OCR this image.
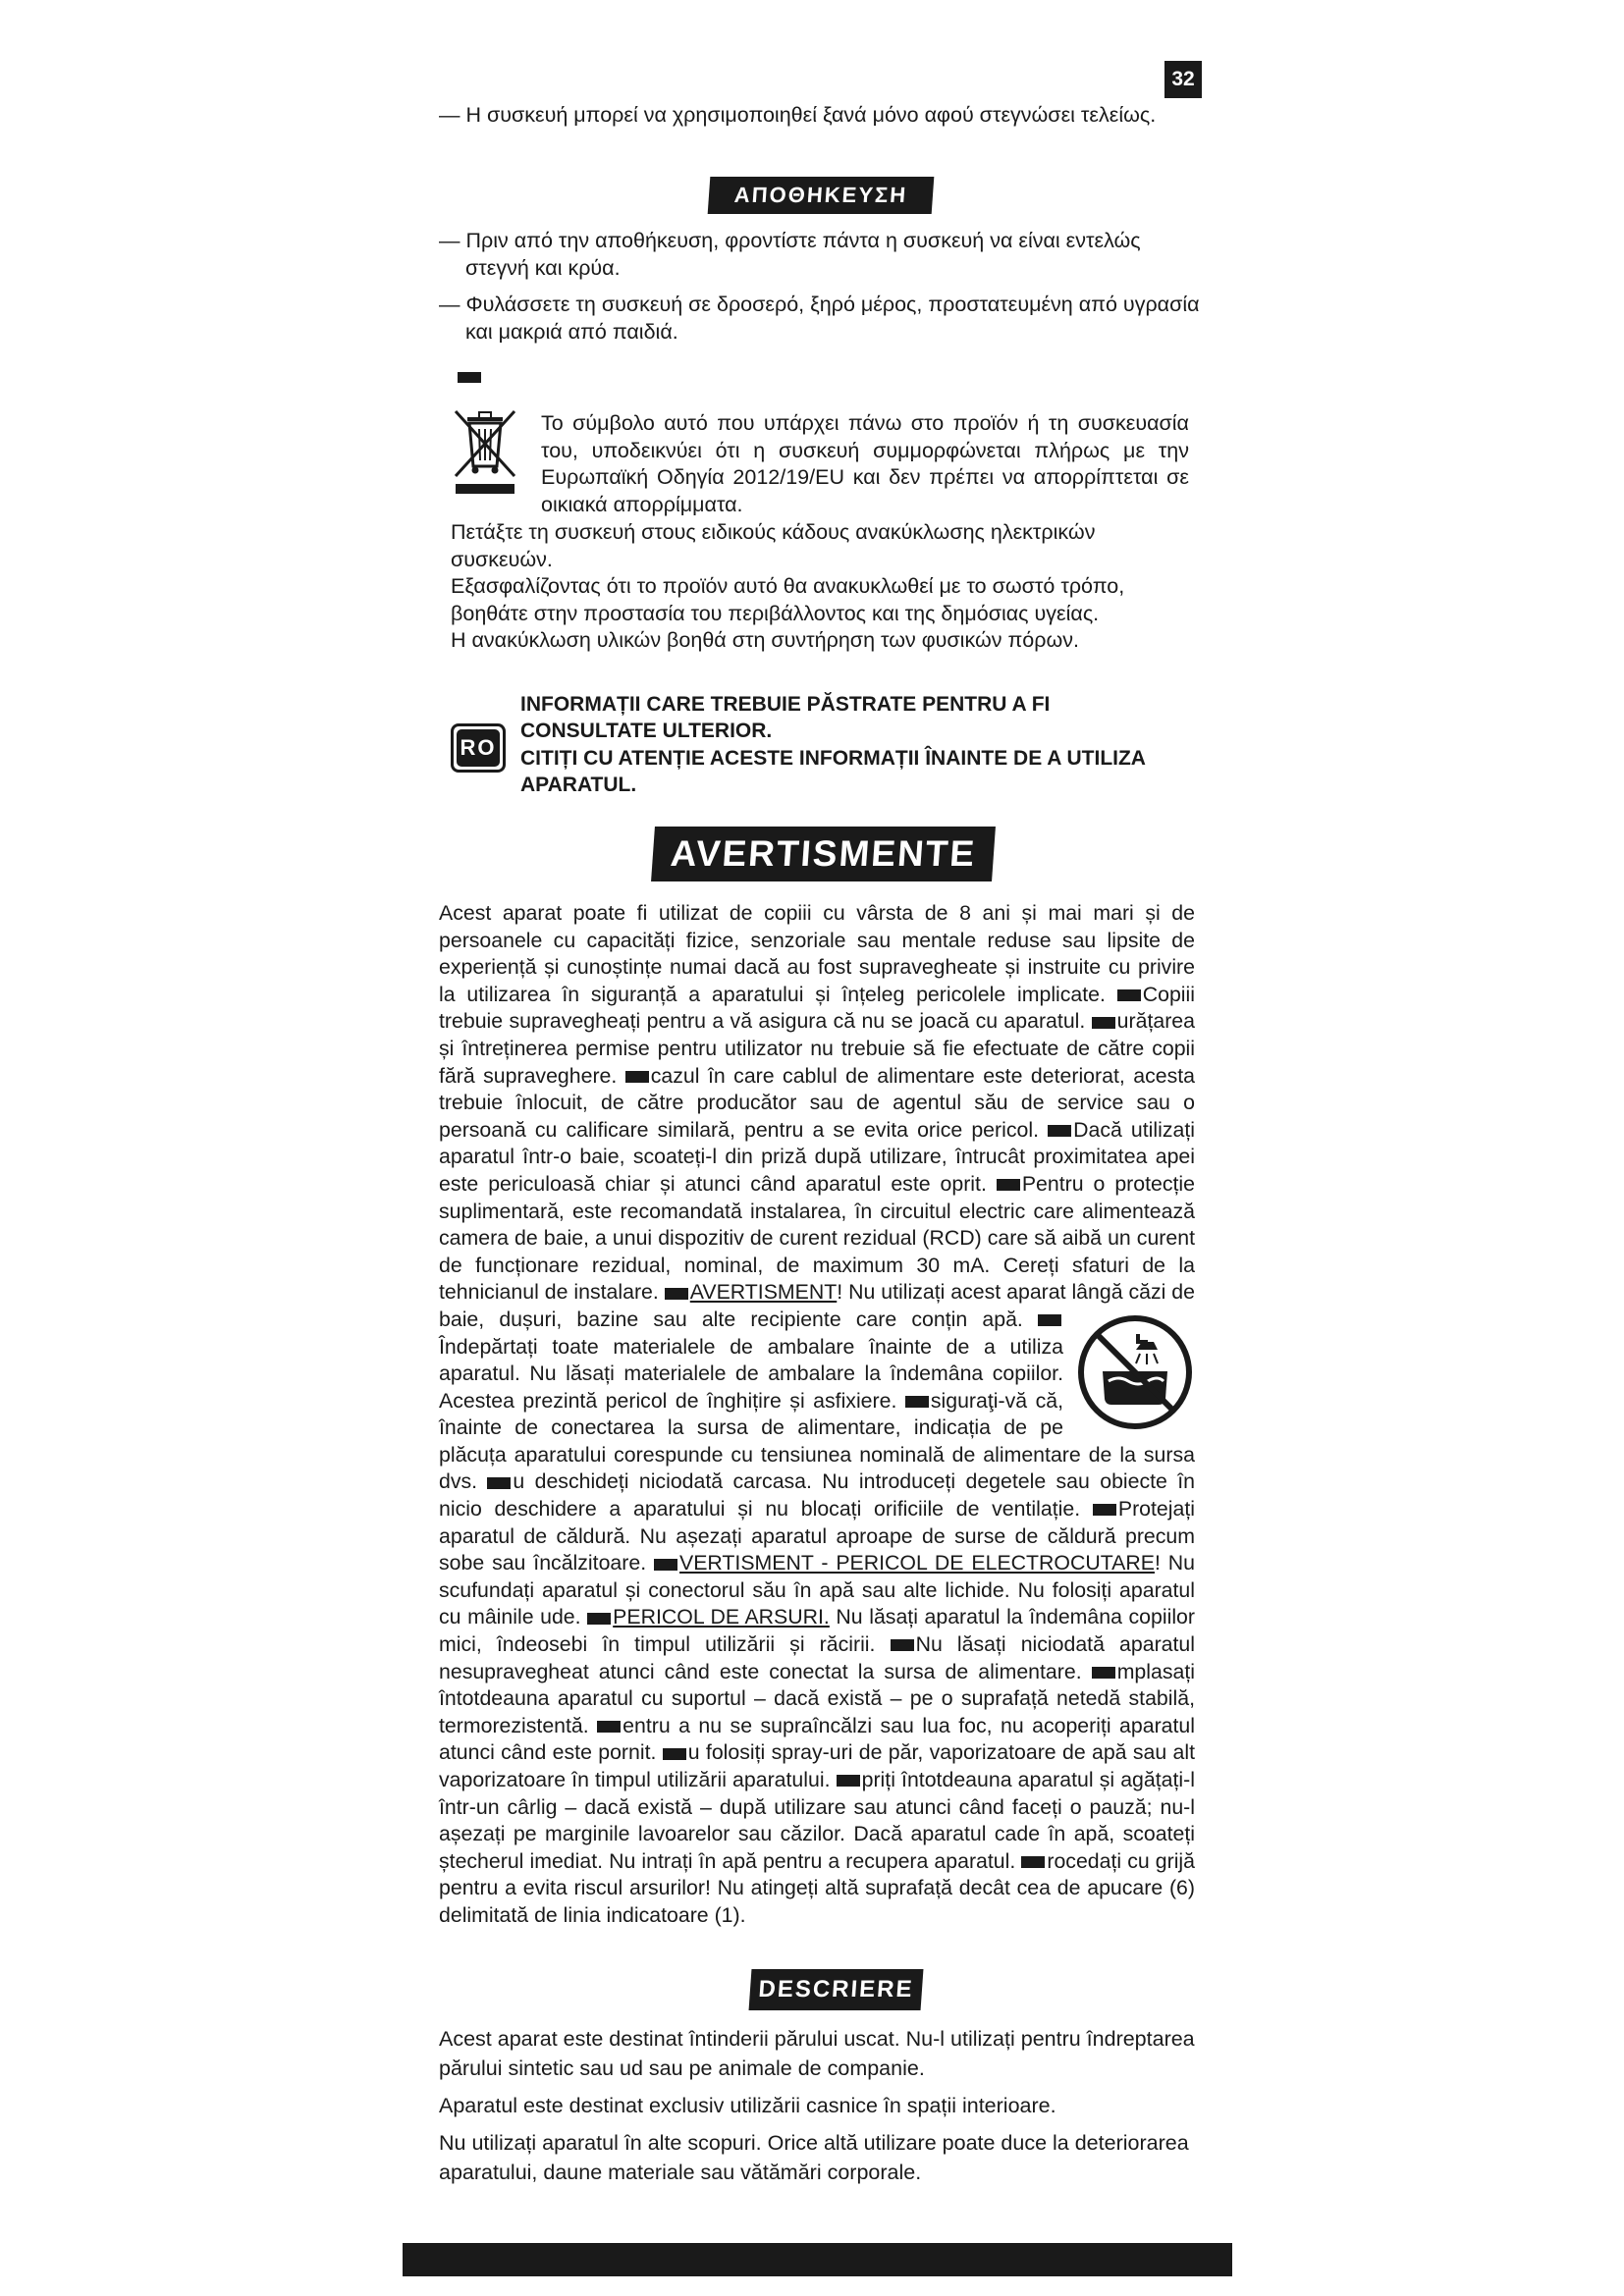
32

— Η συσκευή μπορεί να χρησιμοποιηθεί ξανά μόνο αφού στεγνώσει τελείως.

ΑΠΟΘΗΚΕΥΣΗ

— Πριν από την αποθήκευση, φροντίστε πάντα η συσκευή να είναι εντελώς στεγνή και κρύα.

— Φυλάσσετε τη συσκευή σε δροσερό, ξηρό μέρος, προστατευμένη από υγρασία και μακριά από παιδιά.

Το σύμβολο αυτό που υπάρχει πάνω στο προϊόν ή τη συσκευασία του, υποδεικνύει ότι η συσκευή συμμορφώνεται πλήρως με την Ευρωπαϊκή Οδηγία 2012/19/EU και δεν πρέπει να απορρίπτεται σε οικιακά απορρίμματα.

Πετάξτε τη συσκευή στους ειδικούς κάδους ανακύκλωσης ηλεκτρικών συσκευών.

Εξασφαλίζοντας ότι το προϊόν αυτό θα ανακυκλωθεί με το σωστό τρόπο, βοηθάτε στην προστασία του περιβάλλοντος και της δημόσιας υγείας.

Η ανακύκλωση υλικών βοηθά στη συντήρηση των φυσικών πόρων.

RO

INFORMAȚII CARE TREBUIE PĂSTRATE PENTRU A FI CONSULTATE ULTERIOR.

CITIȚI CU ATENȚIE ACESTE INFORMAȚII ÎNAINTE DE A UTILIZA APARATUL.

AVERTISMENTE
Acest aparat poate fi utilizat de copiii cu vârsta de 8 ani și mai mari și de persoanele cu capacități fizice, senzoriale sau mentale reduse sau lipsite de experiență și cunoștințe numai dacă au fost supravegheate și instruite cu privire la utilizarea în siguranță a aparatului și înțeleg pericolele implicate. Copiii trebuie supravegheați pentru a vă asigura că nu se joacă cu aparatul. urățarea și întreținerea permise pentru utilizator nu trebuie să fie efectuate de către copii fără supraveghere. cazul în care cablul de alimentare este deteriorat, acesta trebuie înlocuit, de către producător sau de agentul său de service sau o persoană cu calificare similară, pentru a se evita orice pericol. Dacă utilizați aparatul într-o baie, scoateți-l din priză după utilizare, întrucât proximitatea apei este periculoasă chiar și atunci când aparatul este oprit. Pentru o protecție suplimentară, este recomandată instalarea, în circuitul electric care alimentează camera de baie, a unui dispozitiv de curent rezidual (RCD) care să aibă un curent de funcționare rezidual, nominal, de maximum 30 mA. Cereți sfaturi de la tehnicianul de instalare. AVERTISMENT! Nu utilizați acest aparat lângă căzi de baie, dușuri, bazine sau alte recipiente care conțin apă.
Îndepărtați toate materialele de ambalare înainte de a utiliza aparatul. Nu lăsați materialele de ambalare la îndemâna copiilor. Acestea prezintă pericol de înghițire și asfixiere. siguraţi-vă că, înainte de conectarea la sursa de alimentare, indicația de pe plăcuța aparatului corespunde cu tensiunea nominală de alimentare de la sursa dvs. u deschideți niciodată carcasa. Nu introduceți degetele sau obiecte în nicio deschidere a aparatului și nu blocați orificiile de ventilație. Protejați aparatul de căldură. Nu așezați aparatul aproape de surse de căldură precum sobe sau încălzitoare. VERTISMENT - PERICOL DE ELECTROCUTARE! Nu scufundați aparatul și conectorul său în apă sau alte lichide. Nu folosiți aparatul cu mâinile ude. PERICOL DE ARSURI. Nu lăsați aparatul la îndemâna copiilor mici, îndeosebi în timpul utilizării și răcirii. Nu lăsați niciodată aparatul nesupravegheat atunci când este conectat la sursa de alimentare. mplasați întotdeauna aparatul cu suportul – dacă există – pe o suprafață netedă stabilă, termorezistentă. entru a nu se supraîncălzi sau lua foc, nu acoperiți aparatul atunci când este pornit. u folosiți spray-uri de păr, vaporizatoare de apă sau alt vaporizatoare în timpul utilizării aparatului. priți întotdeauna aparatul și agățați-l într-un cârlig – dacă există – după utilizare sau atunci când faceți o pauză; nu-l așezați pe marginile lavoarelor sau căzilor. Dacă aparatul cade în apă, scoateți ștecherul imediat. Nu intrați în apă pentru a recupera aparatul. rocedați cu grijă pentru a evita riscul arsurilor! Nu atingeți altă suprafață decât cea de apucare (6) delimitată de linia indicatoare (1).
DESCRIERE

Acest aparat este destinat întinderii părului uscat. Nu-l utilizați pentru îndreptarea părului sintetic sau ud sau pe animale de companie.

Aparatul este destinat exclusiv utilizării casnice în spații interioare.

Nu utilizați aparatul în alte scopuri. Orice altă utilizare poate duce la deteriorarea aparatului, daune materiale sau vătămări corporale.
